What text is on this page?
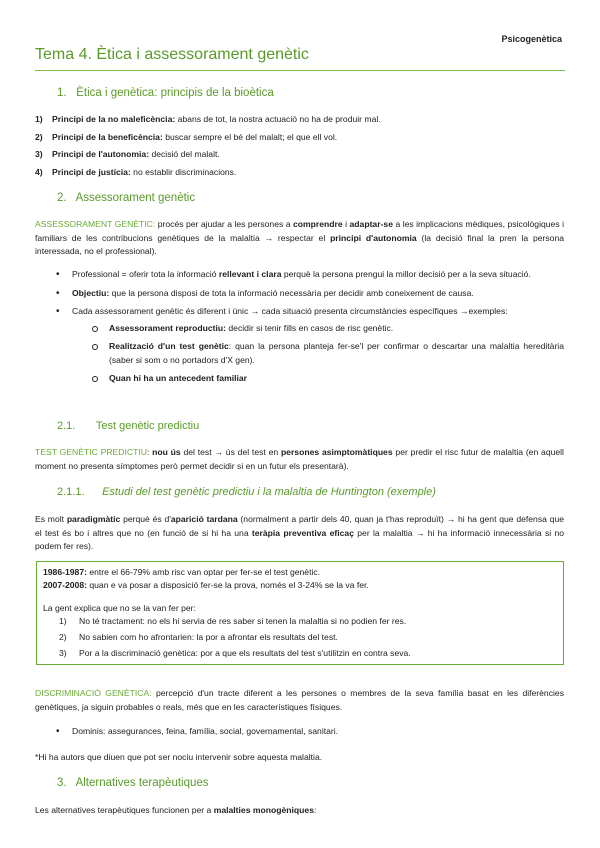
Psicogenètica
Tema 4. Ètica i assessorament genètic
1. Ètica i genètica: principis de la bioètica
1) Principi de la no maleficència: abans de tot, la nostra actuació no ha de produir mal.
2) Principi de la beneficència: buscar sempre el bé del malalt; el que ell vol.
3) Principi de l'autonomia: decisió del malalt.
4) Principi de justícia: no establir discriminacions.
2. Assessorament genètic
ASSESSORAMENT GENÈTIC: procés per ajudar a les persones a comprendre i adaptar-se a les implicacions mèdiques, psicològiques i familiars de les contribucions genètiques de la malaltia → respectar el principi d'autonomia (la decisió final la pren la persona interessada, no el professional).
• Professional = oferir tota la informació rellevant i clara perquè la persona prengui la millor decisió per a la seva situació.
• Objectiu: que la persona disposi de tota la informació necessària per decidir amb coneixement de causa.
• Cada assessorament genètic és diferent i únic → cada situació presenta circumstàncies específiques →exemples:
Assessorament reproductiu: decidir si tenir fills en casos de risc genètic.
Realització d'un test genètic: quan la persona planteja fer-se'l per confirmar o descartar una malaltia hereditària (saber si som o no portadors d'X gen).
Quan hi ha un antecedent familiar
2.1. Test genètic predictiu
TEST GENÈTIC PREDICTIU: nou ús del test → ús del test en persones asimptomàtiques per predir el risc futur de malaltia (en aquell moment no presenta símptomes però permet decidir si en un futur els presentarà).
2.1.1. Estudi del test genètic predictiu i la malaltia de Huntington (exemple)
Es molt paradigmàtic perquè és d'aparició tardana (normalment a partir dels 40, quan ja t'has reproduït) → hi ha gent que defensa que el test és bo i altres que no (en funció de si hi ha una teràpia preventiva eficaç per la malaltia → hi ha informació innecessària si no podem fer res).
1986-1987: entre el 66-79% amb risc van optar per fer-se el test genètic.
2007-2008: quan e va posar a disposició fer-se la prova, només el 3-24% se la va fer.
La gent explica que no se la van fer per:
1) No té tractament: no els hi servia de res saber si tenen la malaltia si no podien fer res.
2) No sabien com ho afrontarien: la por a afrontar els resultats del test.
3) Por a la discriminació genètica: por a que els resultats del test s'utilitzin en contra seva.
DISCRIMINACIÓ GENÈTICA: percepció d'un tracte diferent a les persones o membres de la seva família basat en les diferències genètiques, ja siguin probables o reals, més que en les característiques físiques.
• Dominis: assegurances, feina, família, social, governamental, sanitari.
*Hi ha autors que diuen que pot ser nociu intervenir sobre aquesta malaltia.
3. Alternatives terapèutiques
Les alternatives terapèutiques funcionen per a malalties monogèniques:
